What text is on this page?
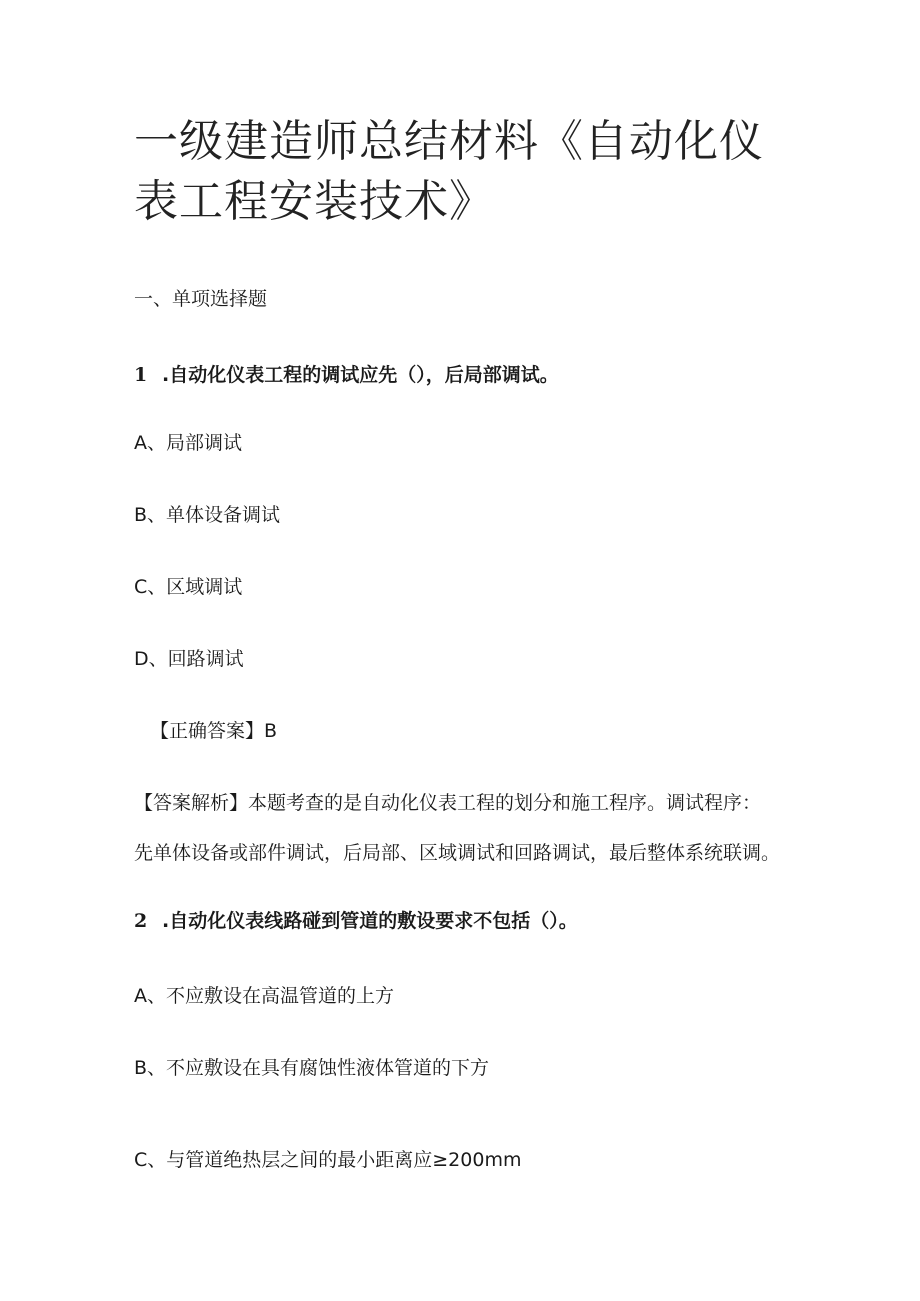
一级建造师总结材料《自动化仪表工程安装技术》

一、单项选择题

1 .自动化仪表工程的调试应先（），后局部调试。

A、局部调试

B、单体设备调试

C、区域调试

D、回路调试

【正确答案】B

【答案解析】本题考查的是自动化仪表工程的划分和施工程序。调试程序：

先单体设备或部件调试，后局部、区域调试和回路调试，最后整体系统联调。

2 .自动化仪表线路碰到管道的敷设要求不包括（）。

A、不应敷设在高温管道的上方

B、不应敷设在具有腐蚀性液体管道的下方

C、与管道绝热层之间的最小距离应≥200mm
